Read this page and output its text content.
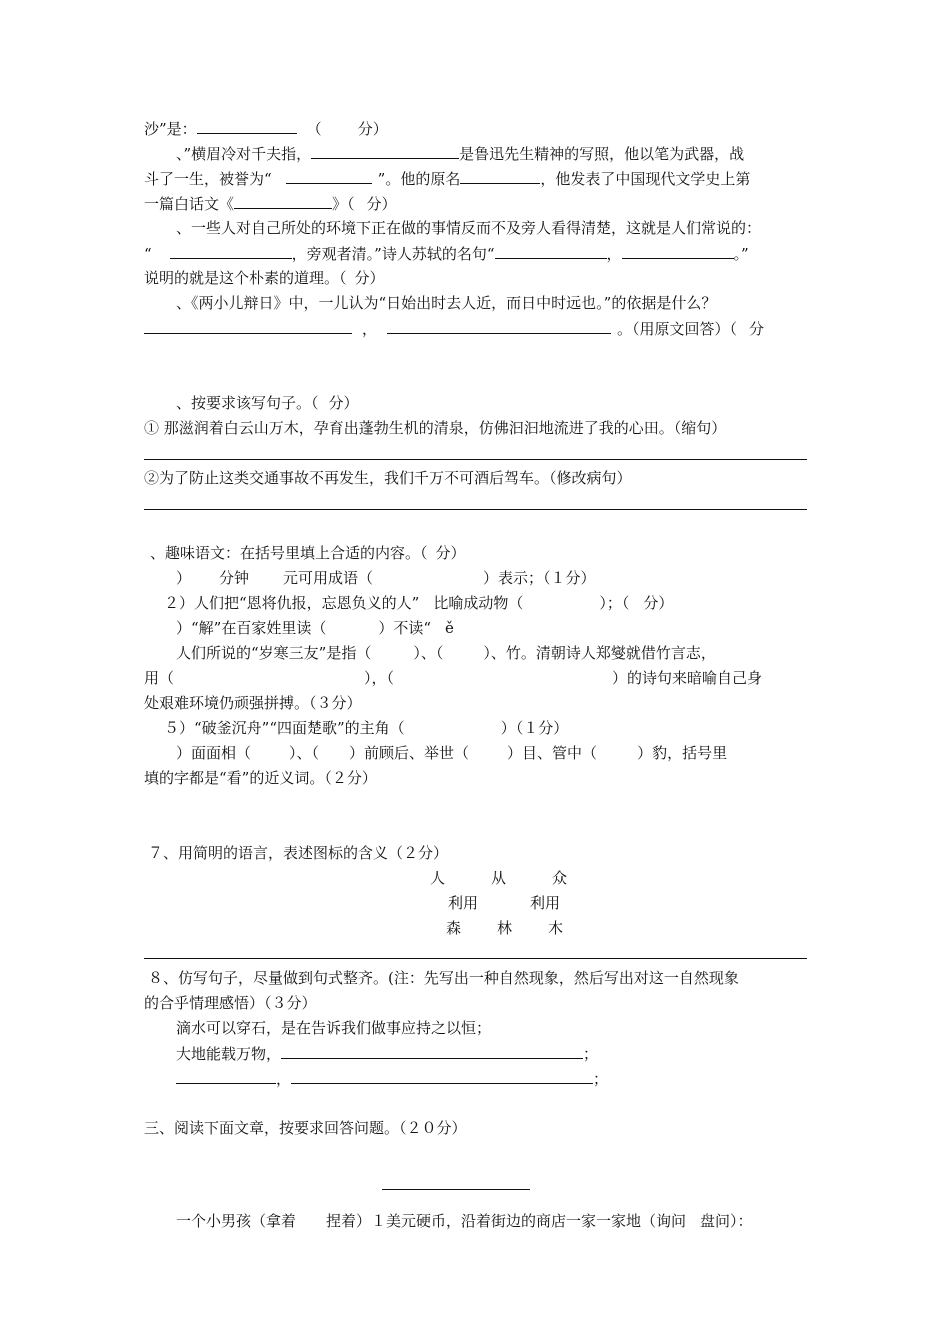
沙”是：	（ 分）
、”横眉冷对千夫指，	是鲁迅先生精神的写照，他以笔为武器，战
斗了一生，被誉为“	”。他的原名	，他发表了中国现代文学史上第
一篇白话文《	》（ 分）
、一些人对自己所处的环境下正在做的事情反而不及旁人看得清楚，这就是人们常说的：
“	，旁观者清。”诗人苏轼的名句“	，	。”
说明的就是这个朴素的道理。（ 分）
、《两小儿辩日》中，一儿认为“日始出时去人近，而日中时远也。”的依据是什么？
，	。（用原文回答）（ 分
、按要求该写句子。（ 分）
① 那滋润着白云山万木，孕育出蓬勃生机的清泉，仿佛汩汩地流进了我的心田。（缩句）
②为了防止这类交通事故不再发生，我们千万不可酒后驾车。（修改病句）
、趣味语文：在括号里填上合适的内容。（ 分）
） 分钟 元可用成语（	）表示；（１分）
２）人们把“恩将仇报，忘恩负义的人” 比喻成动物（	）；（ 分）
）“解”在百家姓里读（	）不读“ ě
人们所说的“岁寒三友”是指（	）、（	）、竹。清朝诗人郑燮就借竹言志，
用（	），（	）的诗句来暗喻自己身
处艰难环境仍顽强拼搏。（３分）
５）“破釜沉舟”“四面楚歌”的主角（	）（１分）
）面面相（	）、（ ）前顾后、举世（	）目、管中（	）豹，括号里
填的字都是“看”的近义词。（２分）
７、用简明的语言，表述图标的含义（２分）
人	从	众
利用	利用
森 林 木
８、仿写句子，尽量做到句式整齐。(注：先写出一种自然现象，然后写出对这一自然现象
的合乎情理感悟）（３分）
滴水可以穿石，是在告诉我们做事应持之以恒；
大地能载万物，	；
，	；
三、阅读下面文章，按要求回答问题。（２０分）
一个小男孩（拿着 捏着）１美元硬币，沿着街边的商店一家一家地（询问 盘问）：
